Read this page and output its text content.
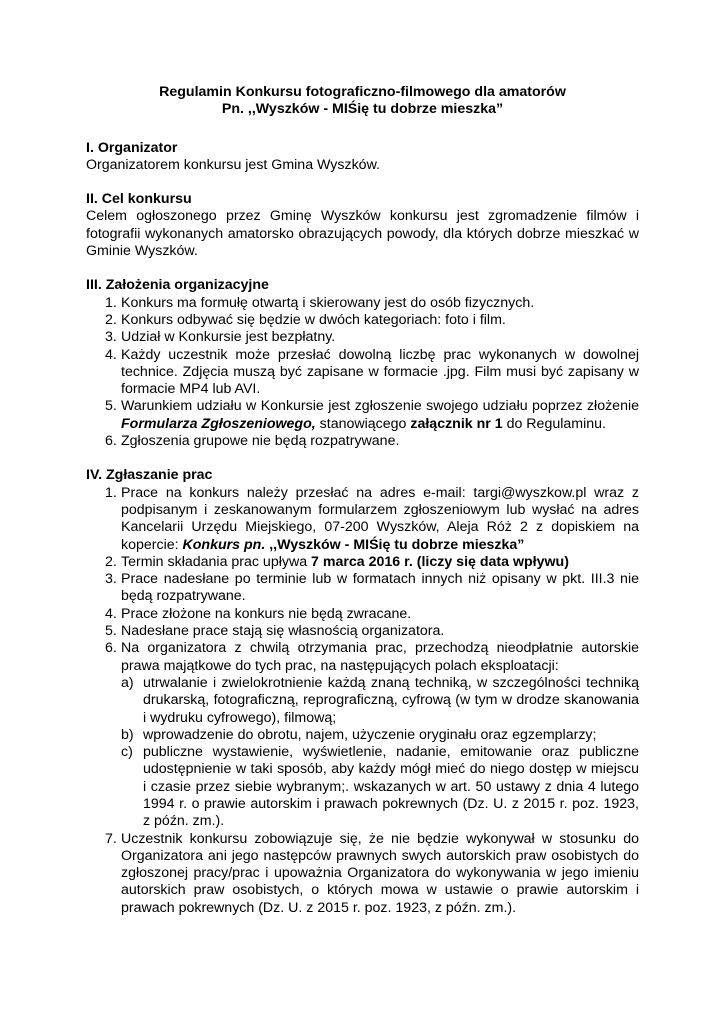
Regulamin Konkursu fotograficzno-filmowego dla amatorów

Pn. ,,Wyszków - MIŚię tu dobrze mieszka”

I. Organizator

Organizatorem konkursu jest Gmina Wyszków.

II. Cel konkursu

Celem ogłoszonego przez Gminę Wyszków konkursu jest zgromadzenie filmów i fotografii wykonanych amatorsko obrazujących powody, dla których dobrze mieszkać w Gminie Wyszków.

III. Założenia organizacyjne
1. Konkurs ma formułę otwartą i skierowany jest do osób fizycznych.
2. Konkurs odbywać się będzie w dwóch kategoriach: foto i film.
3. Udział w Konkursie jest bezpłatny.
4. Każdy uczestnik może przesłać dowolną liczbę prac wykonanych w dowolnej technice. Zdjęcia muszą być zapisane w formacie .jpg. Film musi być zapisany w formacie MP4 lub AVI.
5. Warunkiem udziału w Konkursie jest zgłoszenie swojego udziału poprzez złożenie Formularza Zgłoszeniowego, stanowiącego załącznik nr 1 do Regulaminu.
6. Zgłoszenia grupowe nie będą rozpatrywane.
IV. Zgłaszanie prac
1. Prace na konkurs należy przesłać na adres e-mail: targi@wyszkow.pl wraz z podpisanym i zeskanowanym formularzem zgłoszeniowym lub wysłać na adres Kancelarii Urzędu Miejskiego, 07-200 Wyszków, Aleja Róż 2 z dopiskiem na kopercie: Konkurs pn. ,,Wyszków - MIŚię tu dobrze mieszka”
2. Termin składania prac upływa 7 marca 2016 r. (liczy się data wpływu)
3. Prace nadesłane po terminie lub w formatach innych niż opisany w pkt. III.3 nie będą rozpatrywane.
4. Prace złożone na konkurs nie będą zwracane.
5. Nadesłane prace stają się własnością organizatora.
6. Na organizatora z chwilą otrzymania prac, przechodzą nieodpłatnie autorskie prawa majątkowe do tych prac, na następujących polach eksploatacji:
a) utrwalanie i zwielokrotnienie każdą znaną techniką, w szczególności techniką drukarską, fotograficzną, reprograficzną, cyfrową (w tym w drodze skanowania i wydruku cyfrowego), filmową;
b) wprowadzenie do obrotu, najem, użyczenie oryginału oraz egzemplarzy;
c) publiczne wystawienie, wyświetlenie, nadanie, emitowanie oraz publiczne udostępnienie w taki sposób, aby każdy mógł mieć do niego dostęp w miejscu i czasie przez siebie wybranym;. wskazanych w art. 50 ustawy z dnia 4 lutego 1994 r. o prawie autorskim i prawach pokrewnych (Dz. U. z 2015 r. poz. 1923, z późn. zm.).
7. Uczestnik konkursu zobowiązuje się, że nie będzie wykonywał w stosunku do Organizatora ani jego następców prawnych swych autorskich praw osobistych do zgłoszonej pracy/prac i upoważnia Organizatora do wykonywania w jego imieniu autorskich praw osobistych, o których mowa w ustawie o prawie autorskim i prawach pokrewnych (Dz. U. z 2015 r. poz. 1923, z późn. zm.).
